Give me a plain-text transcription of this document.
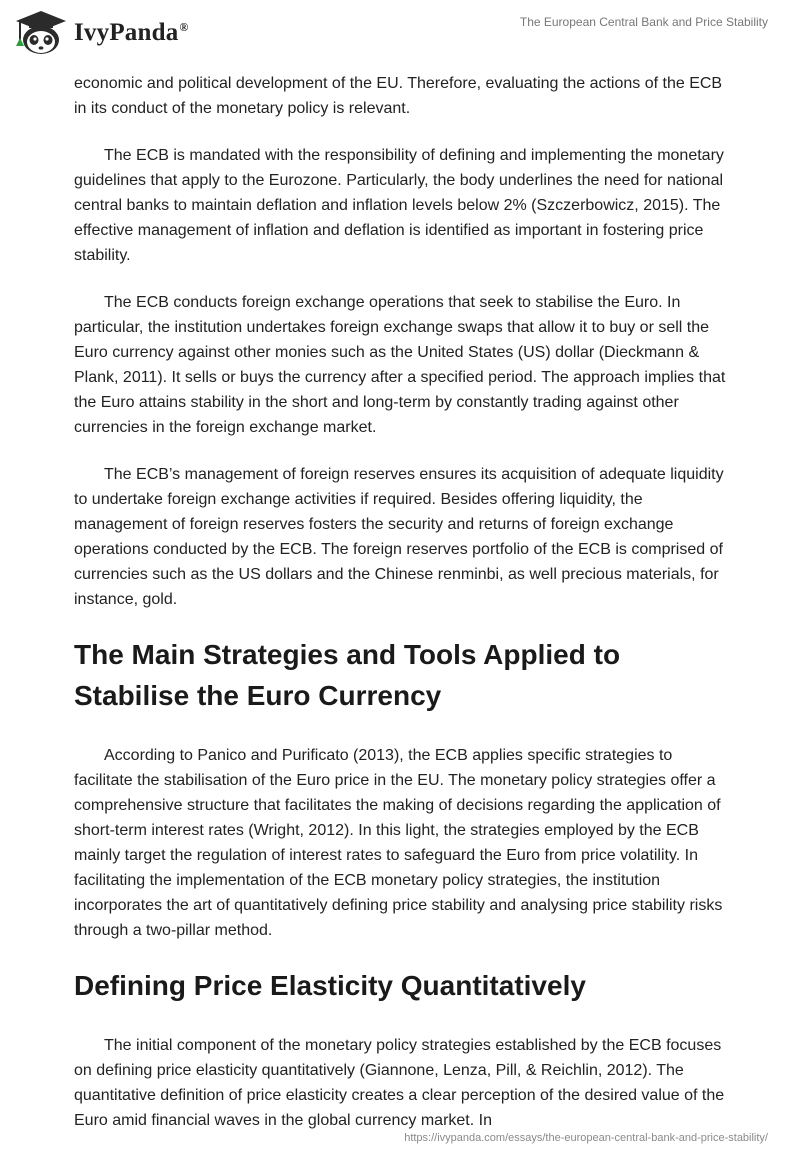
IvyPanda®	The European Central Bank and Price Stability

economic and political development of the EU. Therefore, evaluating the actions of the ECB in its conduct of the monetary policy is relevant.

The ECB is mandated with the responsibility of defining and implementing the monetary guidelines that apply to the Eurozone. Particularly, the body underlines the need for national central banks to maintain deflation and inflation levels below 2% (Szczerbowicz, 2015). The effective management of inflation and deflation is identified as important in fostering price stability.

The ECB conducts foreign exchange operations that seek to stabilise the Euro. In particular, the institution undertakes foreign exchange swaps that allow it to buy or sell the Euro currency against other monies such as the United States (US) dollar (Dieckmann & Plank, 2011). It sells or buys the currency after a specified period. The approach implies that the Euro attains stability in the short and long-term by constantly trading against other currencies in the foreign exchange market.

The ECB’s management of foreign reserves ensures its acquisition of adequate liquidity to undertake foreign exchange activities if required. Besides offering liquidity, the management of foreign reserves fosters the security and returns of foreign exchange operations conducted by the ECB. The foreign reserves portfolio of the ECB is comprised of currencies such as the US dollars and the Chinese renminbi, as well precious materials, for instance, gold.

The Main Strategies and Tools Applied to Stabilise the Euro Currency

According to Panico and Purificato (2013), the ECB applies specific strategies to facilitate the stabilisation of the Euro price in the EU. The monetary policy strategies offer a comprehensive structure that facilitates the making of decisions regarding the application of short-term interest rates (Wright, 2012). In this light, the strategies employed by the ECB mainly target the regulation of interest rates to safeguard the Euro from price volatility. In facilitating the implementation of the ECB monetary policy strategies, the institution incorporates the art of quantitatively defining price stability and analysing price stability risks through a two-pillar method.

Defining Price Elasticity Quantitatively

The initial component of the monetary policy strategies established by the ECB focuses on defining price elasticity quantitatively (Giannone, Lenza, Pill, & Reichlin, 2012). The quantitative definition of price elasticity creates a clear perception of the desired value of the Euro amid financial waves in the global currency market. In

https://ivypanda.com/essays/the-european-central-bank-and-price-stability/
